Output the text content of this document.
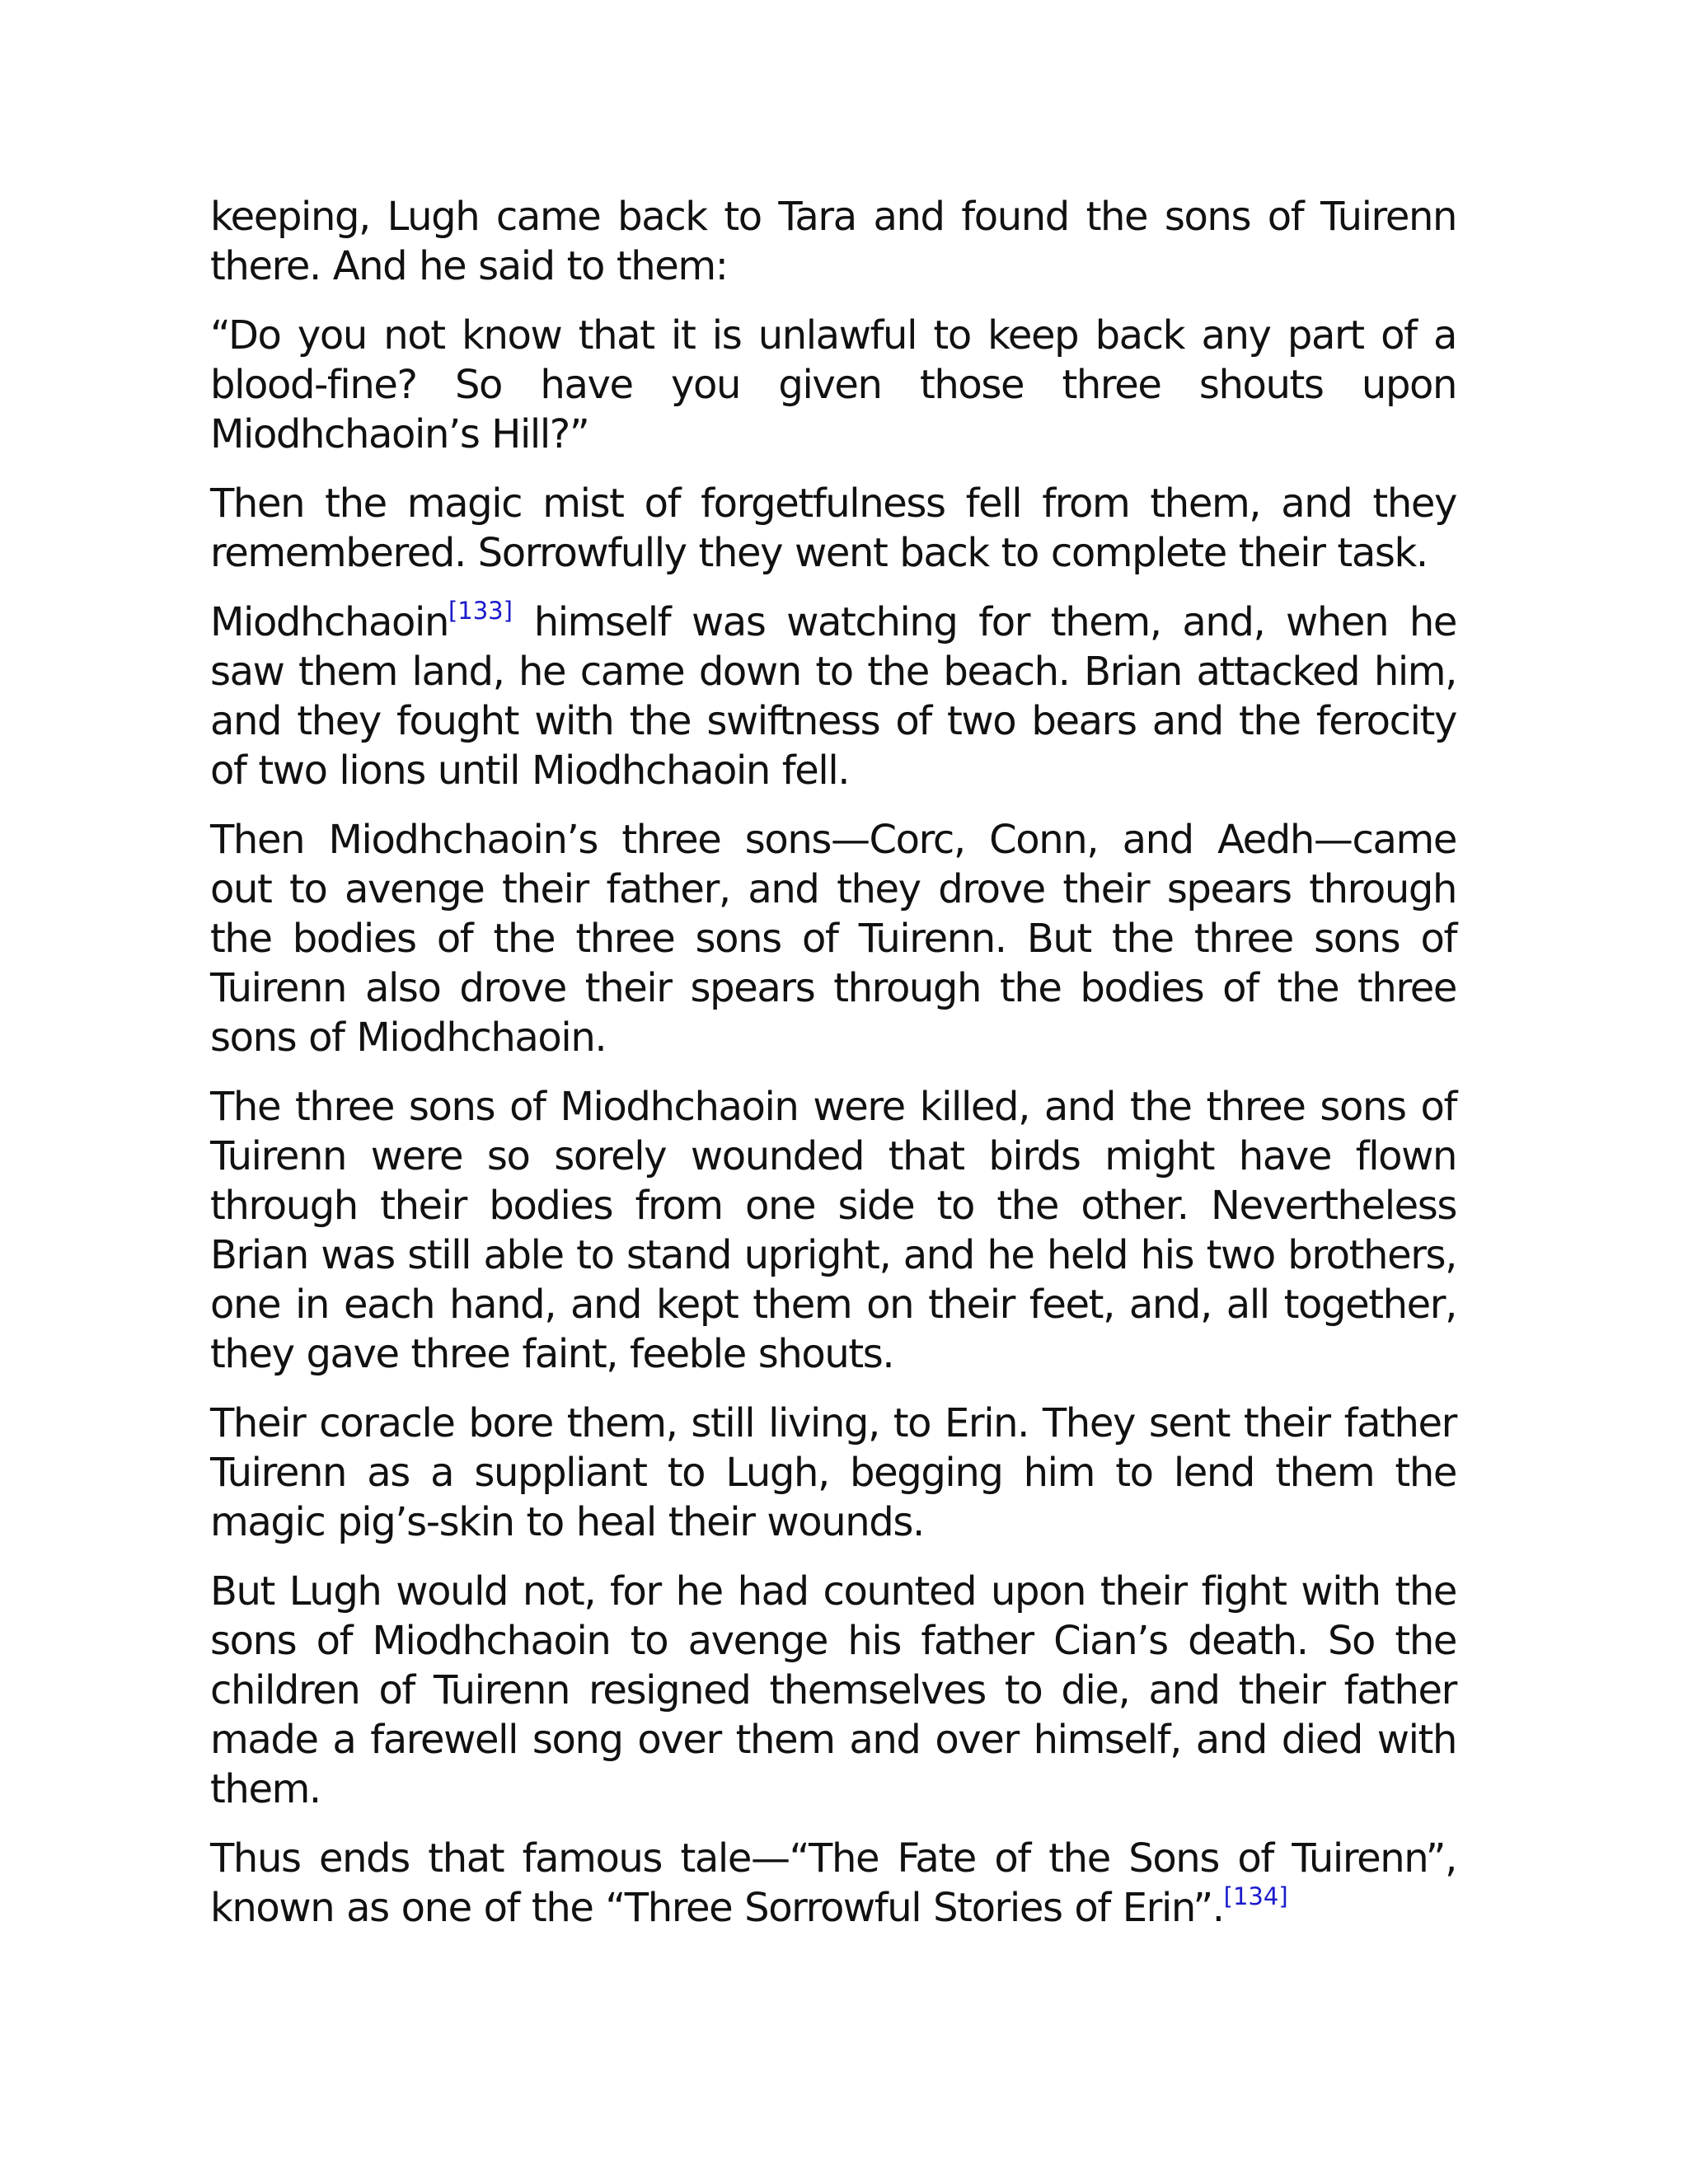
keeping, Lugh came back to Tara and found the sons of Tuirenn there. And he said to them:

“Do you not know that it is unlawful to keep back any part of a blood-fine? So have you given those three shouts upon Miodhchaoin’s Hill?”

Then the magic mist of forgetfulness fell from them, and they remembered. Sorrowfully they went back to complete their task.

Miodhchaoin[133] himself was watching for them, and, when he saw them land, he came down to the beach. Brian attacked him, and they fought with the swiftness of two bears and the ferocity of two lions until Miodhchaoin fell.

Then Miodhchaoin’s three sons—Corc, Conn, and Aedh—came out to avenge their father, and they drove their spears through the bodies of the three sons of Tuirenn. But the three sons of Tuirenn also drove their spears through the bodies of the three sons of Miodhchaoin.

The three sons of Miodhchaoin were killed, and the three sons of Tuirenn were so sorely wounded that birds might have flown through their bodies from one side to the other. Nevertheless Brian was still able to stand upright, and he held his two brothers, one in each hand, and kept them on their feet, and, all together, they gave three faint, feeble shouts.

Their coracle bore them, still living, to Erin. They sent their father Tuirenn as a suppliant to Lugh, begging him to lend them the magic pig’s-skin to heal their wounds.

But Lugh would not, for he had counted upon their fight with the sons of Miodhchaoin to avenge his father Cian’s death. So the children of Tuirenn resigned themselves to die, and their father made a farewell song over them and over himself, and died with them.

Thus ends that famous tale—“The Fate of the Sons of Tuirenn”, known as one of the “Three Sorrowful Stories of Erin”.[134]
